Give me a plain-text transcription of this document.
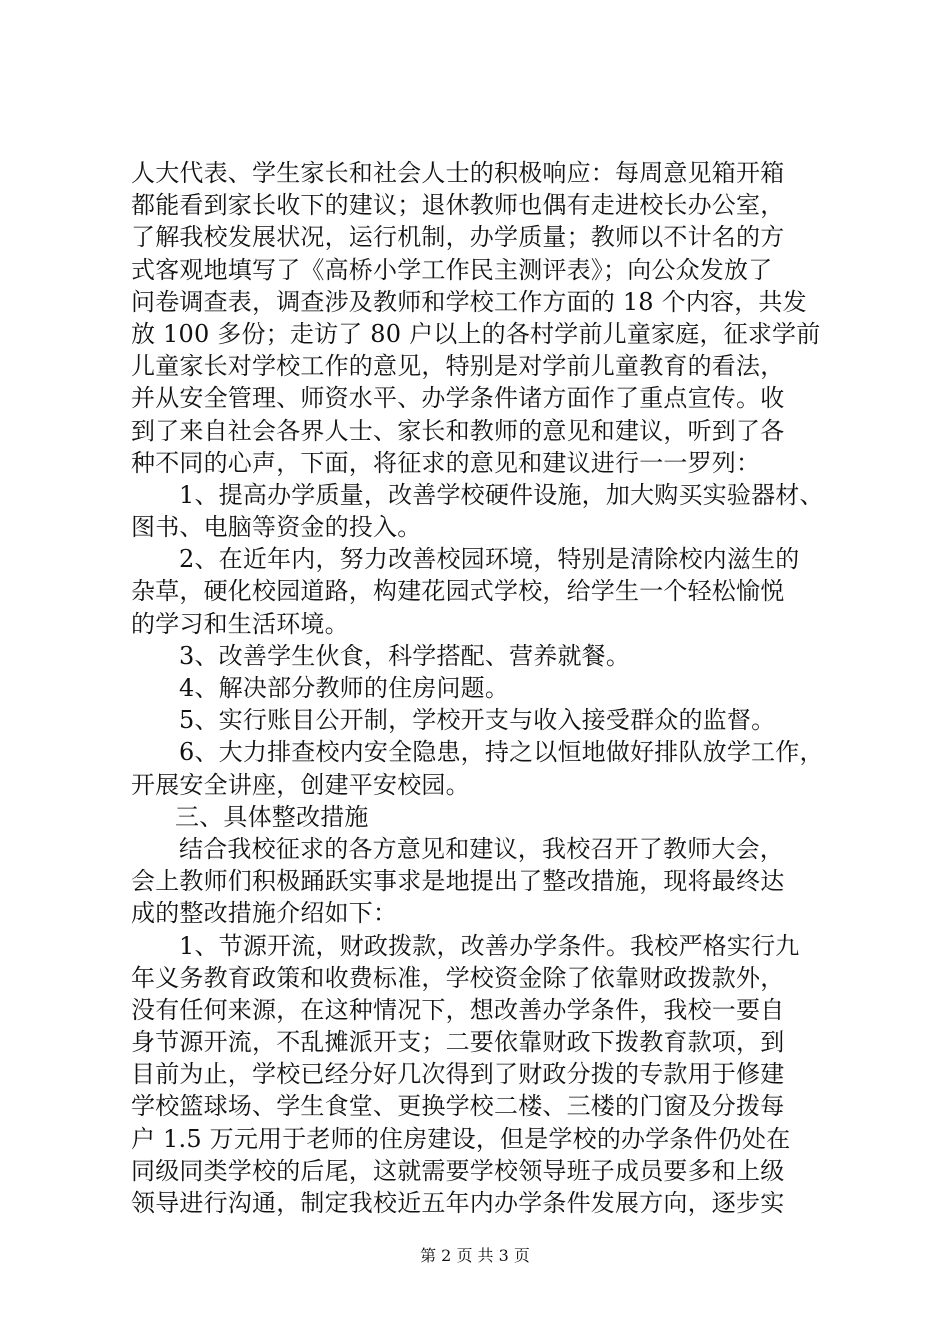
人大代表、学生家长和社会人士的积极响应：每周意见箱开箱
都能看到家长收下的建议；退休教师也偶有走进校长办公室，
了解我校发展状况，运行机制，办学质量；教师以不计名的方
式客观地填写了《高桥小学工作民主测评表》；向公众发放了
问卷调查表，调查涉及教师和学校工作方面的 18 个内容，共发
放 100 多份；走访了 80 户以上的各村学前儿童家庭，征求学前
儿童家长对学校工作的意见，特别是对学前儿童教育的看法，
并从安全管理、师资水平、办学条件诸方面作了重点宣传。收
到了来自社会各界人士、家长和教师的意见和建议，听到了各
种不同的心声，下面，将征求的意见和建议进行一一罗列：
1、提高办学质量，改善学校硬件设施，加大购买实验器材、
图书、电脑等资金的投入。
2、在近年内，努力改善校园环境，特别是清除校内滋生的
杂草，硬化校园道路，构建花园式学校，给学生一个轻松愉悦
的学习和生活环境。
3、改善学生伙食，科学搭配、营养就餐。
4、解决部分教师的住房问题。
5、实行账目公开制，学校开支与收入接受群众的监督。
6、大力排查校内安全隐患，持之以恒地做好排队放学工作，
开展安全讲座，创建平安校园。
三、具体整改措施
结合我校征求的各方意见和建议，我校召开了教师大会，
会上教师们积极踊跃实事求是地提出了整改措施，现将最终达
成的整改措施介绍如下：
1、节源开流，财政拨款，改善办学条件。我校严格实行九
年义务教育政策和收费标准，学校资金除了依靠财政拨款外，
没有任何来源，在这种情况下，想改善办学条件，我校一要自
身节源开流，不乱摊派开支；二要依靠财政下拨教育款项，到
目前为止，学校已经分好几次得到了财政分拨的专款用于修建
学校篮球场、学生食堂、更换学校二楼、三楼的门窗及分拨每
户 1.5 万元用于老师的住房建设，但是学校的办学条件仍处在
同级同类学校的后尾，这就需要学校领导班子成员要多和上级
领导进行沟通，制定我校近五年内办学条件发展方向，逐步实
第 2 页 共 3 页
